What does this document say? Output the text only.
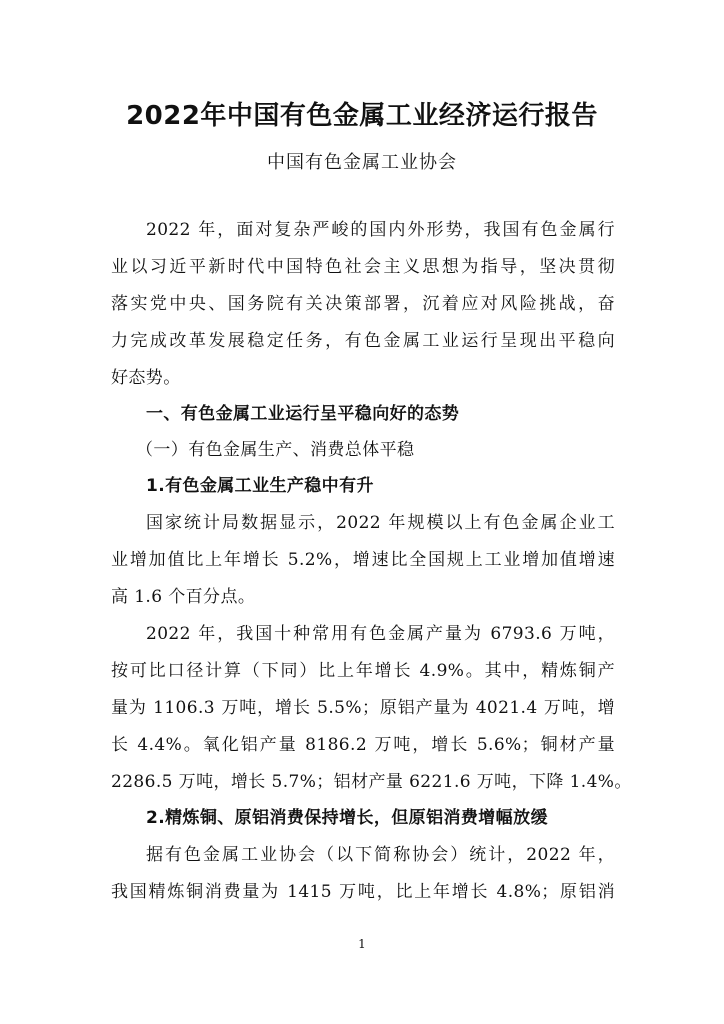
2022年中国有色金属工业经济运行报告
中国有色金属工业协会
2022 年，面对复杂严峻的国内外形势，我国有色金属行
业以习近平新时代中国特色社会主义思想为指导，坚决贯彻
落实党中央、国务院有关决策部署，沉着应对风险挑战，奋
力完成改革发展稳定任务，有色金属工业运行呈现出平稳向
好态势。
一、有色金属工业运行呈平稳向好的态势
（一）有色金属生产、消费总体平稳
1.有色金属工业生产稳中有升
国家统计局数据显示，2022 年规模以上有色金属企业工
业增加值比上年增长 5.2%，增速比全国规上工业增加值增速
高 1.6 个百分点。
2022 年，我国十种常用有色金属产量为 6793.6 万吨，
按可比口径计算（下同）比上年增长 4.9%。其中，精炼铜产
量为 1106.3 万吨，增长 5.5%；原铝产量为 4021.4 万吨，增
长 4.4%。氧化铝产量 8186.2 万吨，增长 5.6%；铜材产量
2286.5 万吨，增长 5.7%；铝材产量 6221.6 万吨，下降 1.4%。
2.精炼铜、原铝消费保持增长，但原铝消费增幅放缓
据有色金属工业协会（以下简称协会）统计，2022 年，
我国精炼铜消费量为 1415 万吨，比上年增长 4.8%；原铝消
1
